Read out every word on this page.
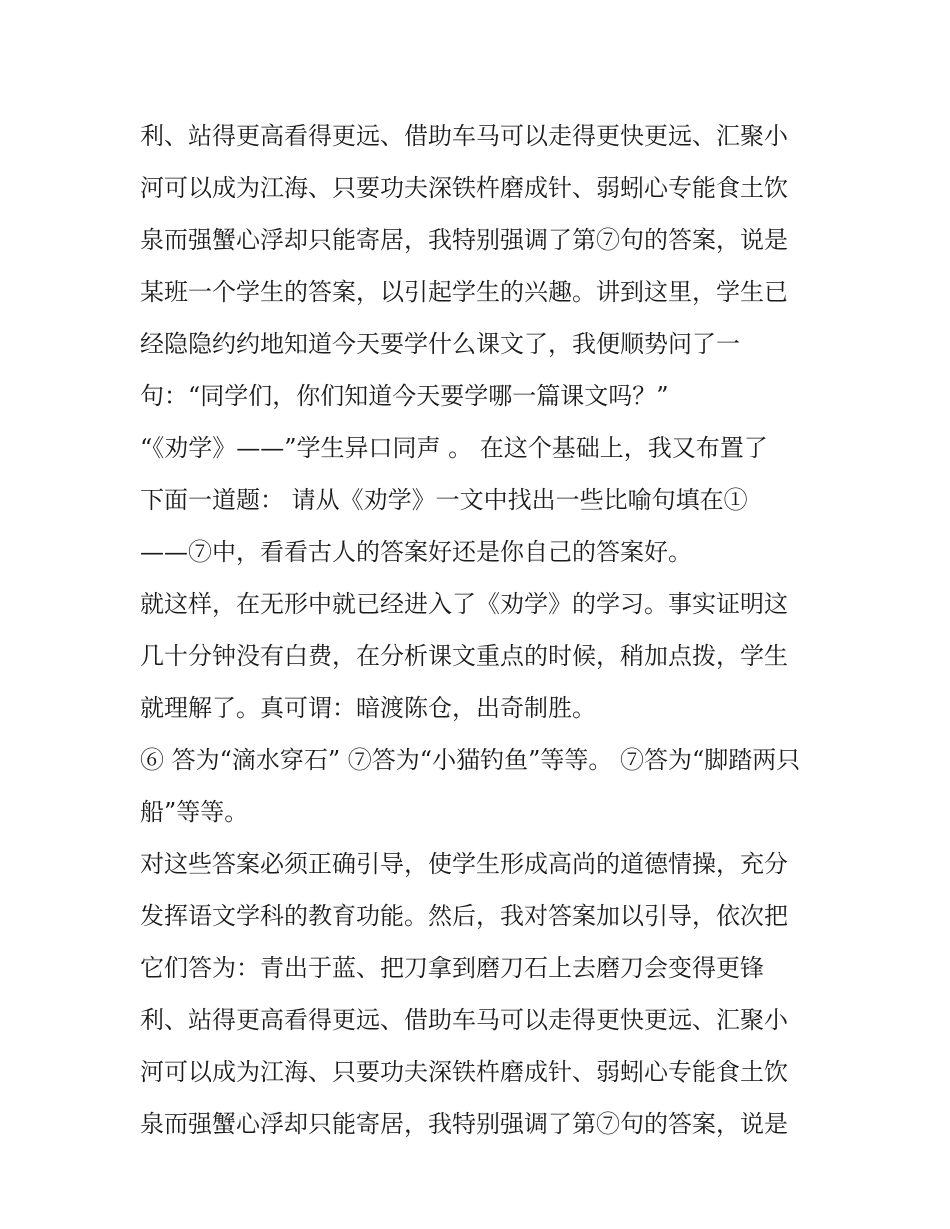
利、站得更高看得更远、借助车马可以走得更快更远、汇聚小
河可以成为江海、只要功夫深铁杵磨成针、弱蚓心专能食土饮
泉而强蟹心浮却只能寄居，我特别强调了第⑦句的答案，说是
某班一个学生的答案，以引起学生的兴趣。讲到这里，学生已
经隐隐约约地知道今天要学什么课文了，我便顺势问了一
句：“同学们，你们知道今天要学哪一篇课文吗？”
“《劝学》——”学生异口同声 。 在这个基础上，我又布置了
下面一道题： 请从《劝学》一文中找出一些比喻句填在①
——⑦中，看看古人的答案好还是你自己的答案好。
就这样，在无形中就已经进入了《劝学》的学习。事实证明这
几十分钟没有白费，在分析课文重点的时候，稍加点拨，学生
就理解了。真可谓：暗渡陈仓，出奇制胜。
⑥ 答为“滴水穿石” ⑦答为“小猫钓鱼”等等。 ⑦答为“脚踏两只
船”等等。
对这些答案必须正确引导，使学生形成高尚的道德情操，充分
发挥语文学科的教育功能。然后，我对答案加以引导，依次把
它们答为：青出于蓝、把刀拿到磨刀石上去磨刀会变得更锋
利、站得更高看得更远、借助车马可以走得更快更远、汇聚小
河可以成为江海、只要功夫深铁杵磨成针、弱蚓心专能食土饮
泉而强蟹心浮却只能寄居，我特别强调了第⑦句的答案，说是
